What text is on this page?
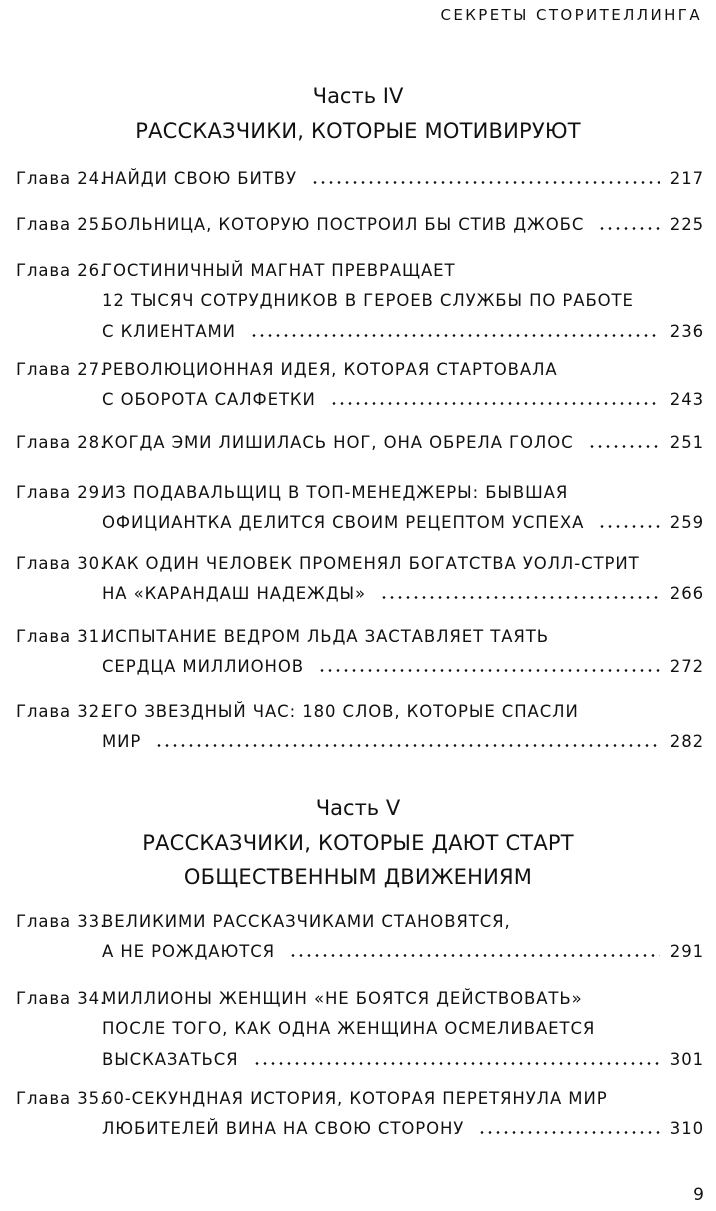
СЕКРЕТЫ СТОРИТЕЛЛИНГА
Часть IV
РАССКАЗЧИКИ, КОТОРЫЕ МОТИВИРУЮТ
Глава 24.
НАЙДИ СВОЮ БИТВУ	217
Глава 25.
БОЛЬНИЦА, КОТОРУЮ ПОСТРОИЛ БЫ СТИВ ДЖОБС	225
Глава 26.
ГОСТИНИЧНЫЙ МАГНАТ ПРЕВРАЩАЕТ
12 ТЫСЯЧ СОТРУДНИКОВ В ГЕРОЕВ СЛУЖБЫ ПО РАБОТЕ
С КЛИЕНТАМИ	236
Глава 27.
РЕВОЛЮЦИОННАЯ ИДЕЯ, КОТОРАЯ СТАРТОВАЛА
С ОБОРОТА САЛФЕТКИ	243
Глава 28.
КОГДА ЭМИ ЛИШИЛАСЬ НОГ, ОНА ОБРЕЛА ГОЛОС	251
Глава 29.
ИЗ ПОДАВАЛЬЩИЦ В ТОП-МЕНЕДЖЕРЫ: БЫВШАЯ
ОФИЦИАНТКА ДЕЛИТСЯ СВОИМ РЕЦЕПТОМ УСПЕХА	259
Глава 30.
КАК ОДИН ЧЕЛОВЕК ПРОМЕНЯЛ БОГАТСТВА УОЛЛ-СТРИТ
НА «КАРАНДАШ НАДЕЖДЫ»	266
Глава 31.
ИСПЫТАНИЕ ВЕДРОМ ЛЬДА ЗАСТАВЛЯЕТ ТАЯТЬ
СЕРДЦА МИЛЛИОНОВ	272
Глава 32.
ЕГО ЗВЕЗДНЫЙ ЧАС: 180 СЛОВ, КОТОРЫЕ СПАСЛИ
МИР	282
Часть V
РАССКАЗЧИКИ, КОТОРЫЕ ДАЮТ СТАРТ
ОБЩЕСТВЕННЫМ ДВИЖЕНИЯМ
Глава 33.
ВЕЛИКИМИ РАССКАЗЧИКАМИ СТАНОВЯТСЯ,
А НЕ РОЖДАЮТСЯ	291
Глава 34.
МИЛЛИОНЫ ЖЕНЩИН «НЕ БОЯТСЯ ДЕЙСТВОВАТЬ»
ПОСЛЕ ТОГО, КАК ОДНА ЖЕНЩИНА ОСМЕЛИВАЕТСЯ
ВЫСКАЗАТЬСЯ	301
Глава 35.
60-СЕКУНДНАЯ ИСТОРИЯ, КОТОРАЯ ПЕРЕТЯНУЛА МИР
ЛЮБИТЕЛЕЙ ВИНА НА СВОЮ СТОРОНУ	310
9
